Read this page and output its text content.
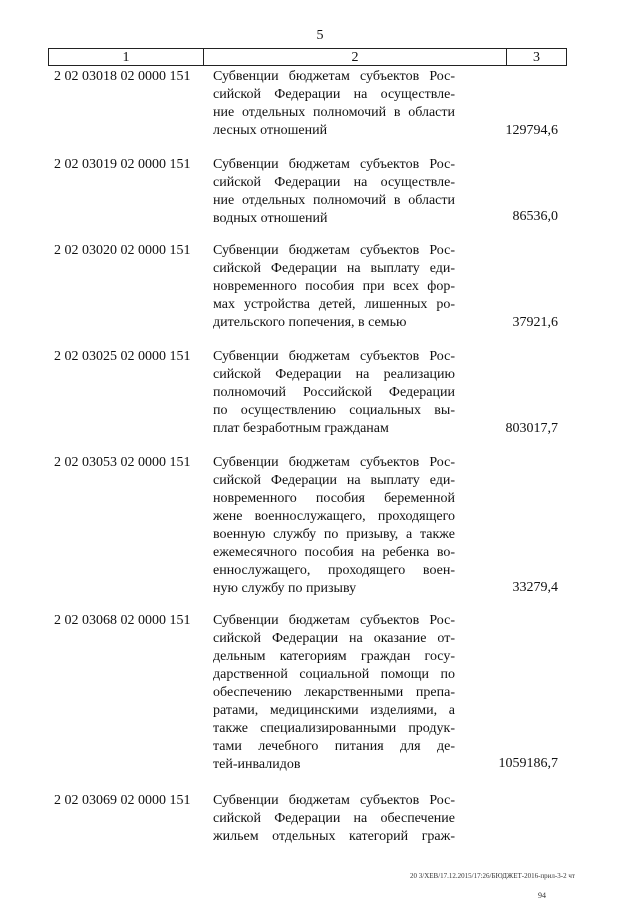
5
1	2	3
2 02 03018 02 0000 151	Субвенции бюджетам субъектов Рос-
сийской Федерации на осуществле-
ние отдельных полномочий в области
лесных отношений	129794,6
2 02 03019 02 0000 151	Субвенции бюджетам субъектов Рос-
сийской Федерации на осуществле-
ние отдельных полномочий в области
водных отношений	86536,0
2 02 03020 02 0000 151	Субвенции бюджетам субъектов Рос-
сийской Федерации на выплату еди-
новременного пособия при всех фор-
мах устройства детей, лишенных ро-
дительского попечения, в семью	37921,6
2 02 03025 02 0000 151	Субвенции бюджетам субъектов Рос-
сийской Федерации на реализацию
полномочий Российской Федерации
по осуществлению социальных вы-
плат безработным гражданам	803017,7
2 02 03053 02 0000 151	Субвенции бюджетам субъектов Рос-
сийской Федерации на выплату еди-
новременного пособия беременной
жене военнослужащего, проходящего
военную службу по призыву, а также
ежемесячного пособия на ребенка во-
еннослужащего, проходящего воен-
ную службу по призыву	33279,4
2 02 03068 02 0000 151	Субвенции бюджетам субъектов Рос-
сийской Федерации на оказание от-
дельным категориям граждан госу-
дарственной социальной помощи по
обеспечению лекарственными препа-
ратами, медицинскими изделиями, а
также специализированными продук-
тами лечебного питания для де-
тей-инвалидов	1059186,7
2 02 03069 02 0000 151	Субвенции бюджетам субъектов Рос-
сийской Федерации на обеспечение
жильем отдельных категорий граж-
20 3/ХЕВ/17.12.2015/17:26/БЮДЖЕТ-2016-прил-3-2 чт
94
